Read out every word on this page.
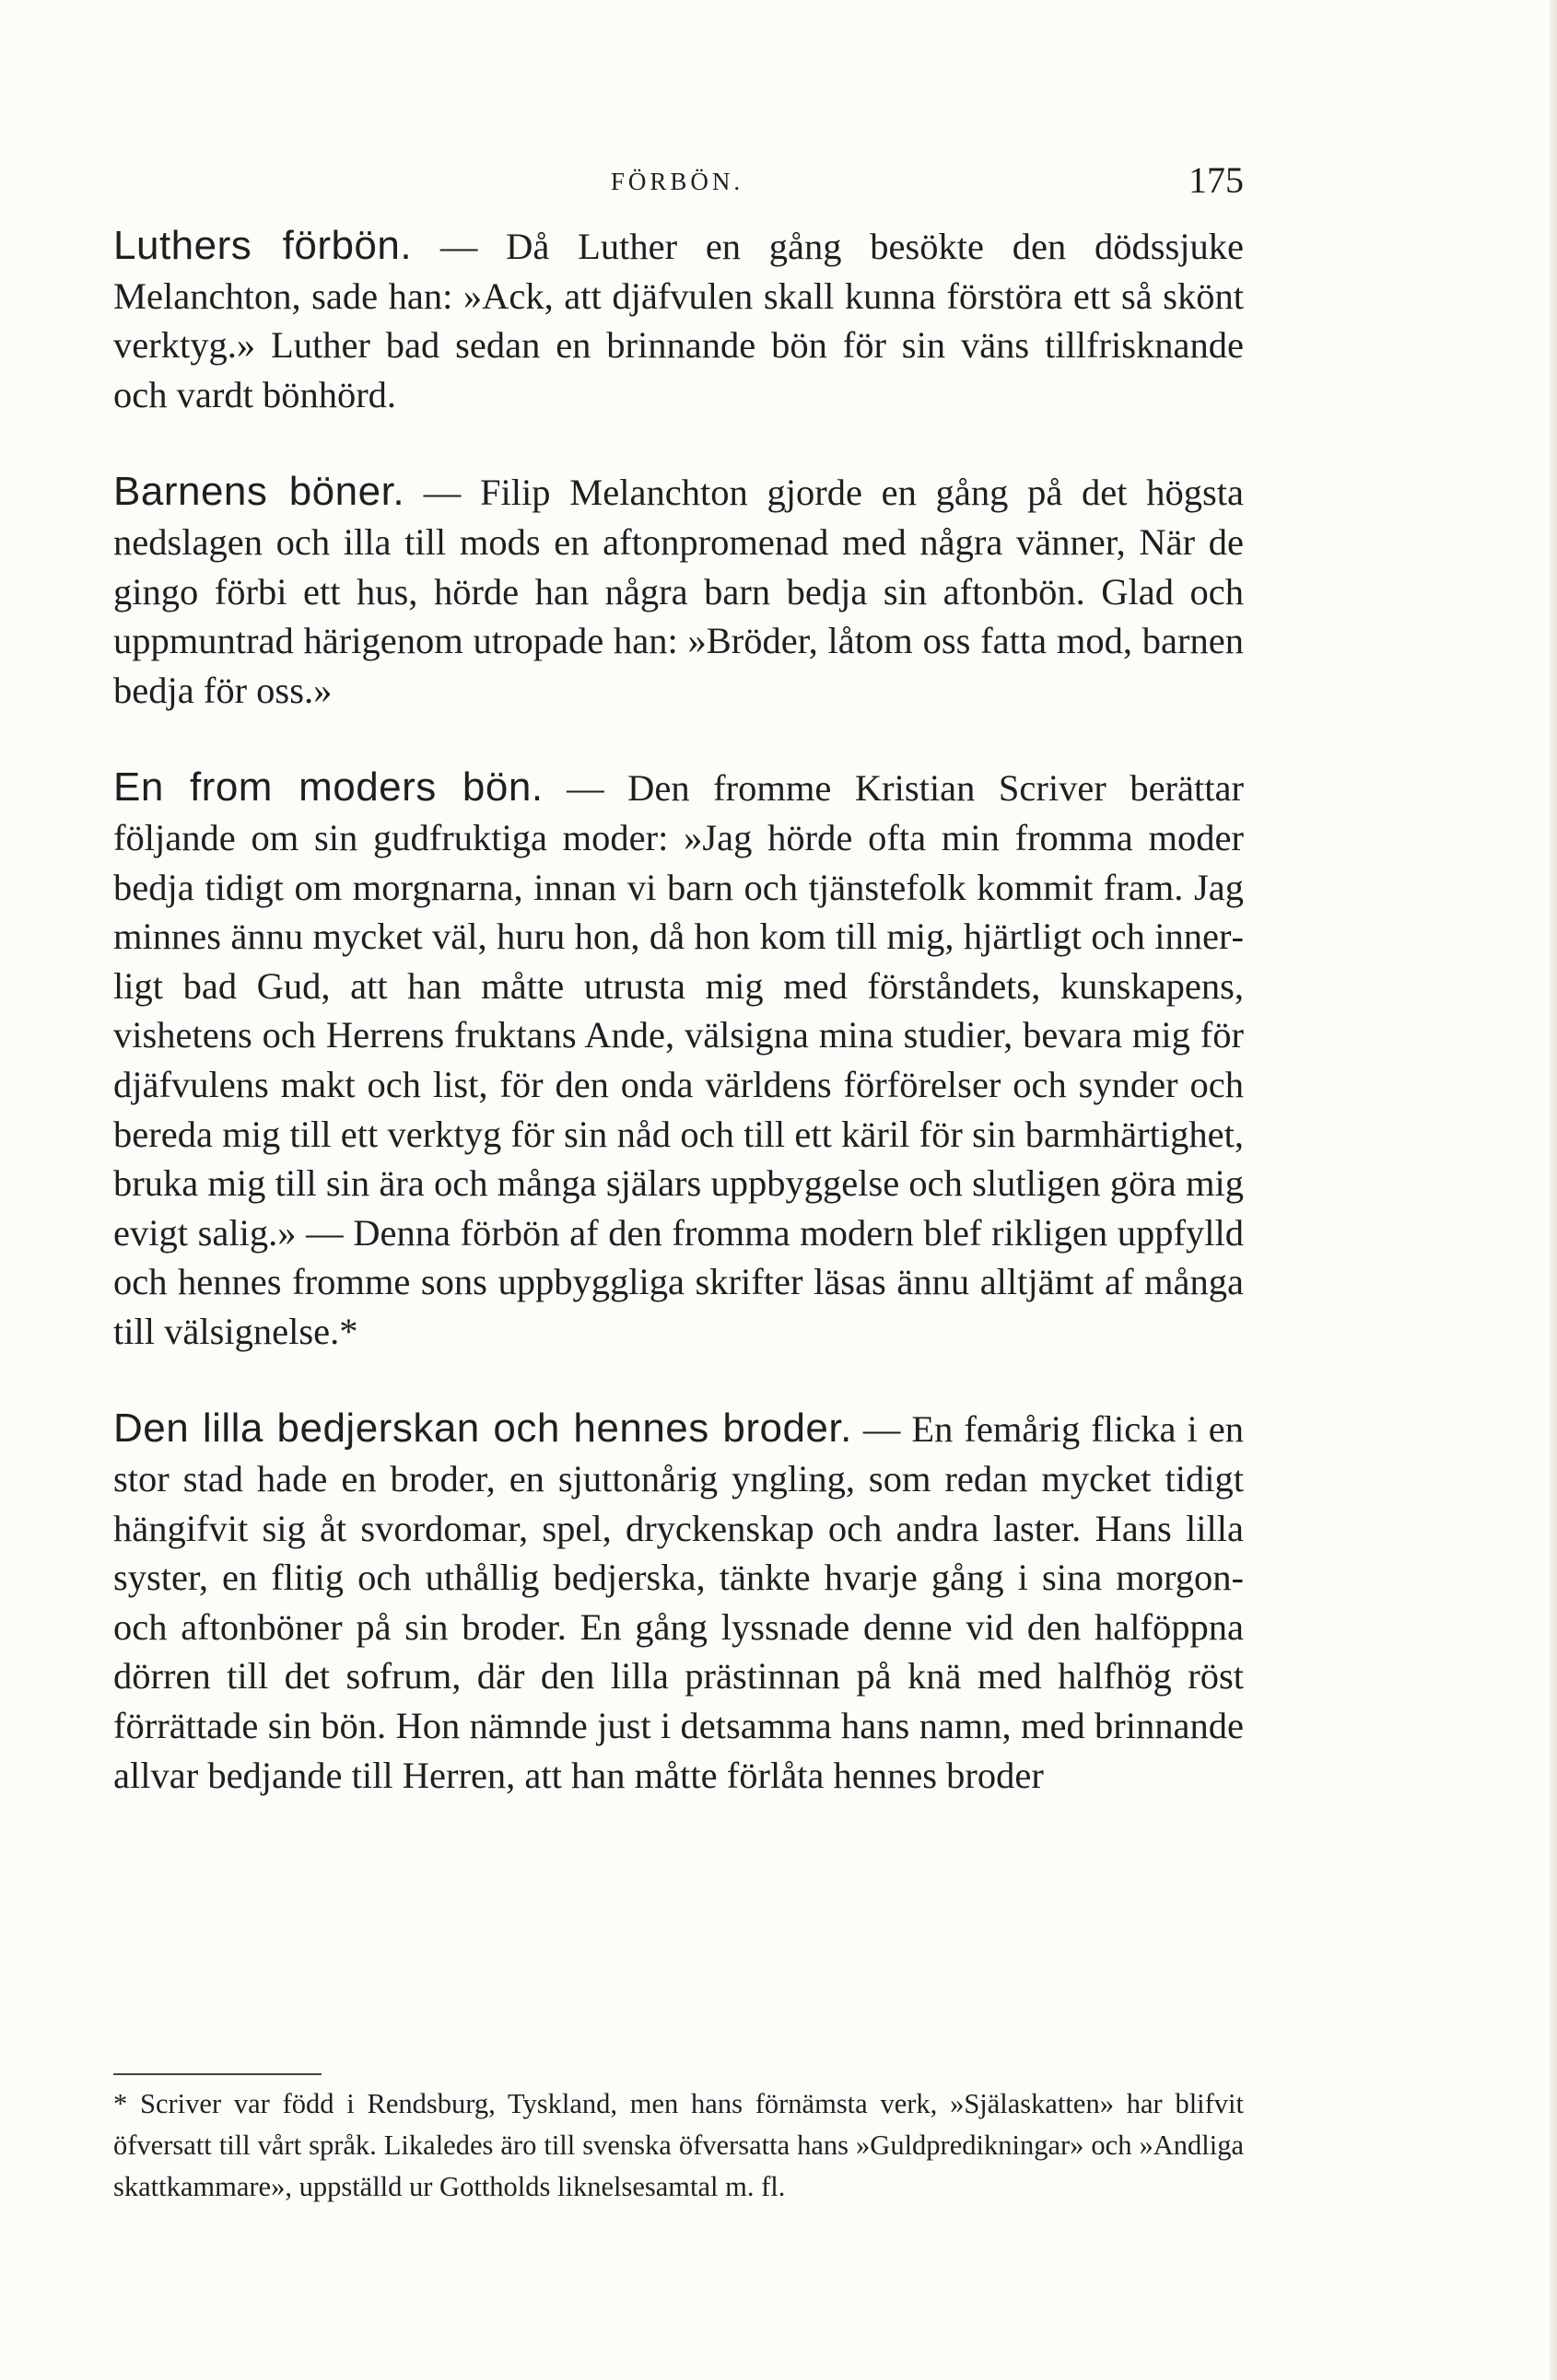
FÖRBÖN.	175

Luthers förbön. — Då Luther en gång besökte den dödssjuke Melanchton, sade han: »Ack, att djäfvulen skall kunna förstöra ett så skönt verktyg.» Luther bad sedan en brinnande bön för sin väns tillfrisknande och vardt bönhörd.

Barnens böner. — Filip Melanchton gjorde en gång på det högsta nedslagen och illa till mods en aftonpromenad med några vänner, När de gingo förbi ett hus, hörde han några barn bedja sin aftonbön. Glad och uppmuntrad härigenom utropade han: »Bröder, låtom oss fatta mod, barnen bedja för oss.»

En from moders bön. — Den fromme Kristian Scriver berättar följande om sin gudfruktiga moder: »Jag hörde ofta min fromma moder bedja tidigt om morgnarna, innan vi barn och tjänstefolk kommit fram. Jag minnes ännu mycket väl, huru hon, då hon kom till mig, hjärtligt och innerligt bad Gud, att han måtte utrusta mig med förståndets, kunskapens, vishetens och Herrens fruktans Ande, välsigna mina studier, bevara mig för djäfvulens makt och list, för den onda världens förförelser och synder och bereda mig till ett verktyg för sin nåd och till ett käril för sin barmhärtighet, bruka mig till sin ära och många själars uppbyggelse och slutligen göra mig evigt salig.» — Denna förbön af den fromma modern blef rikligen uppfylld och hennes fromme sons uppbyggliga skrifter läsas ännu alltjämt af många till välsignelse.*

Den lilla bedjerskan och hennes broder. — En femårig flicka i en stor stad hade en broder, en sjuttonårig yngling, som redan mycket tidigt hängifvit sig åt svordomar, spel, dryckenskap och andra laster. Hans lilla syster, en flitig och uthållig bedjerska, tänkte hvarje gång i sina morgon- och aftonböner på sin broder. En gång lyssnade denne vid den halföppna dörren till det sofrum, där den lilla prästinnan på knä med halfhög röst förrättade sin bön. Hon nämnde just i detsamma hans namn, med brinnande allvar bedjande till Herren, att han måtte förlåta hennes broder

* Scriver var född i Rendsburg, Tyskland, men hans förnämsta verk, »Själaskatten» har blifvit öfversatt till vårt språk. Likaledes äro till svenska öfversatta hans »Guldpredikningar» och »Andliga skattkammare», uppställd ur Gottholds liknelsesamtal m. fl.
